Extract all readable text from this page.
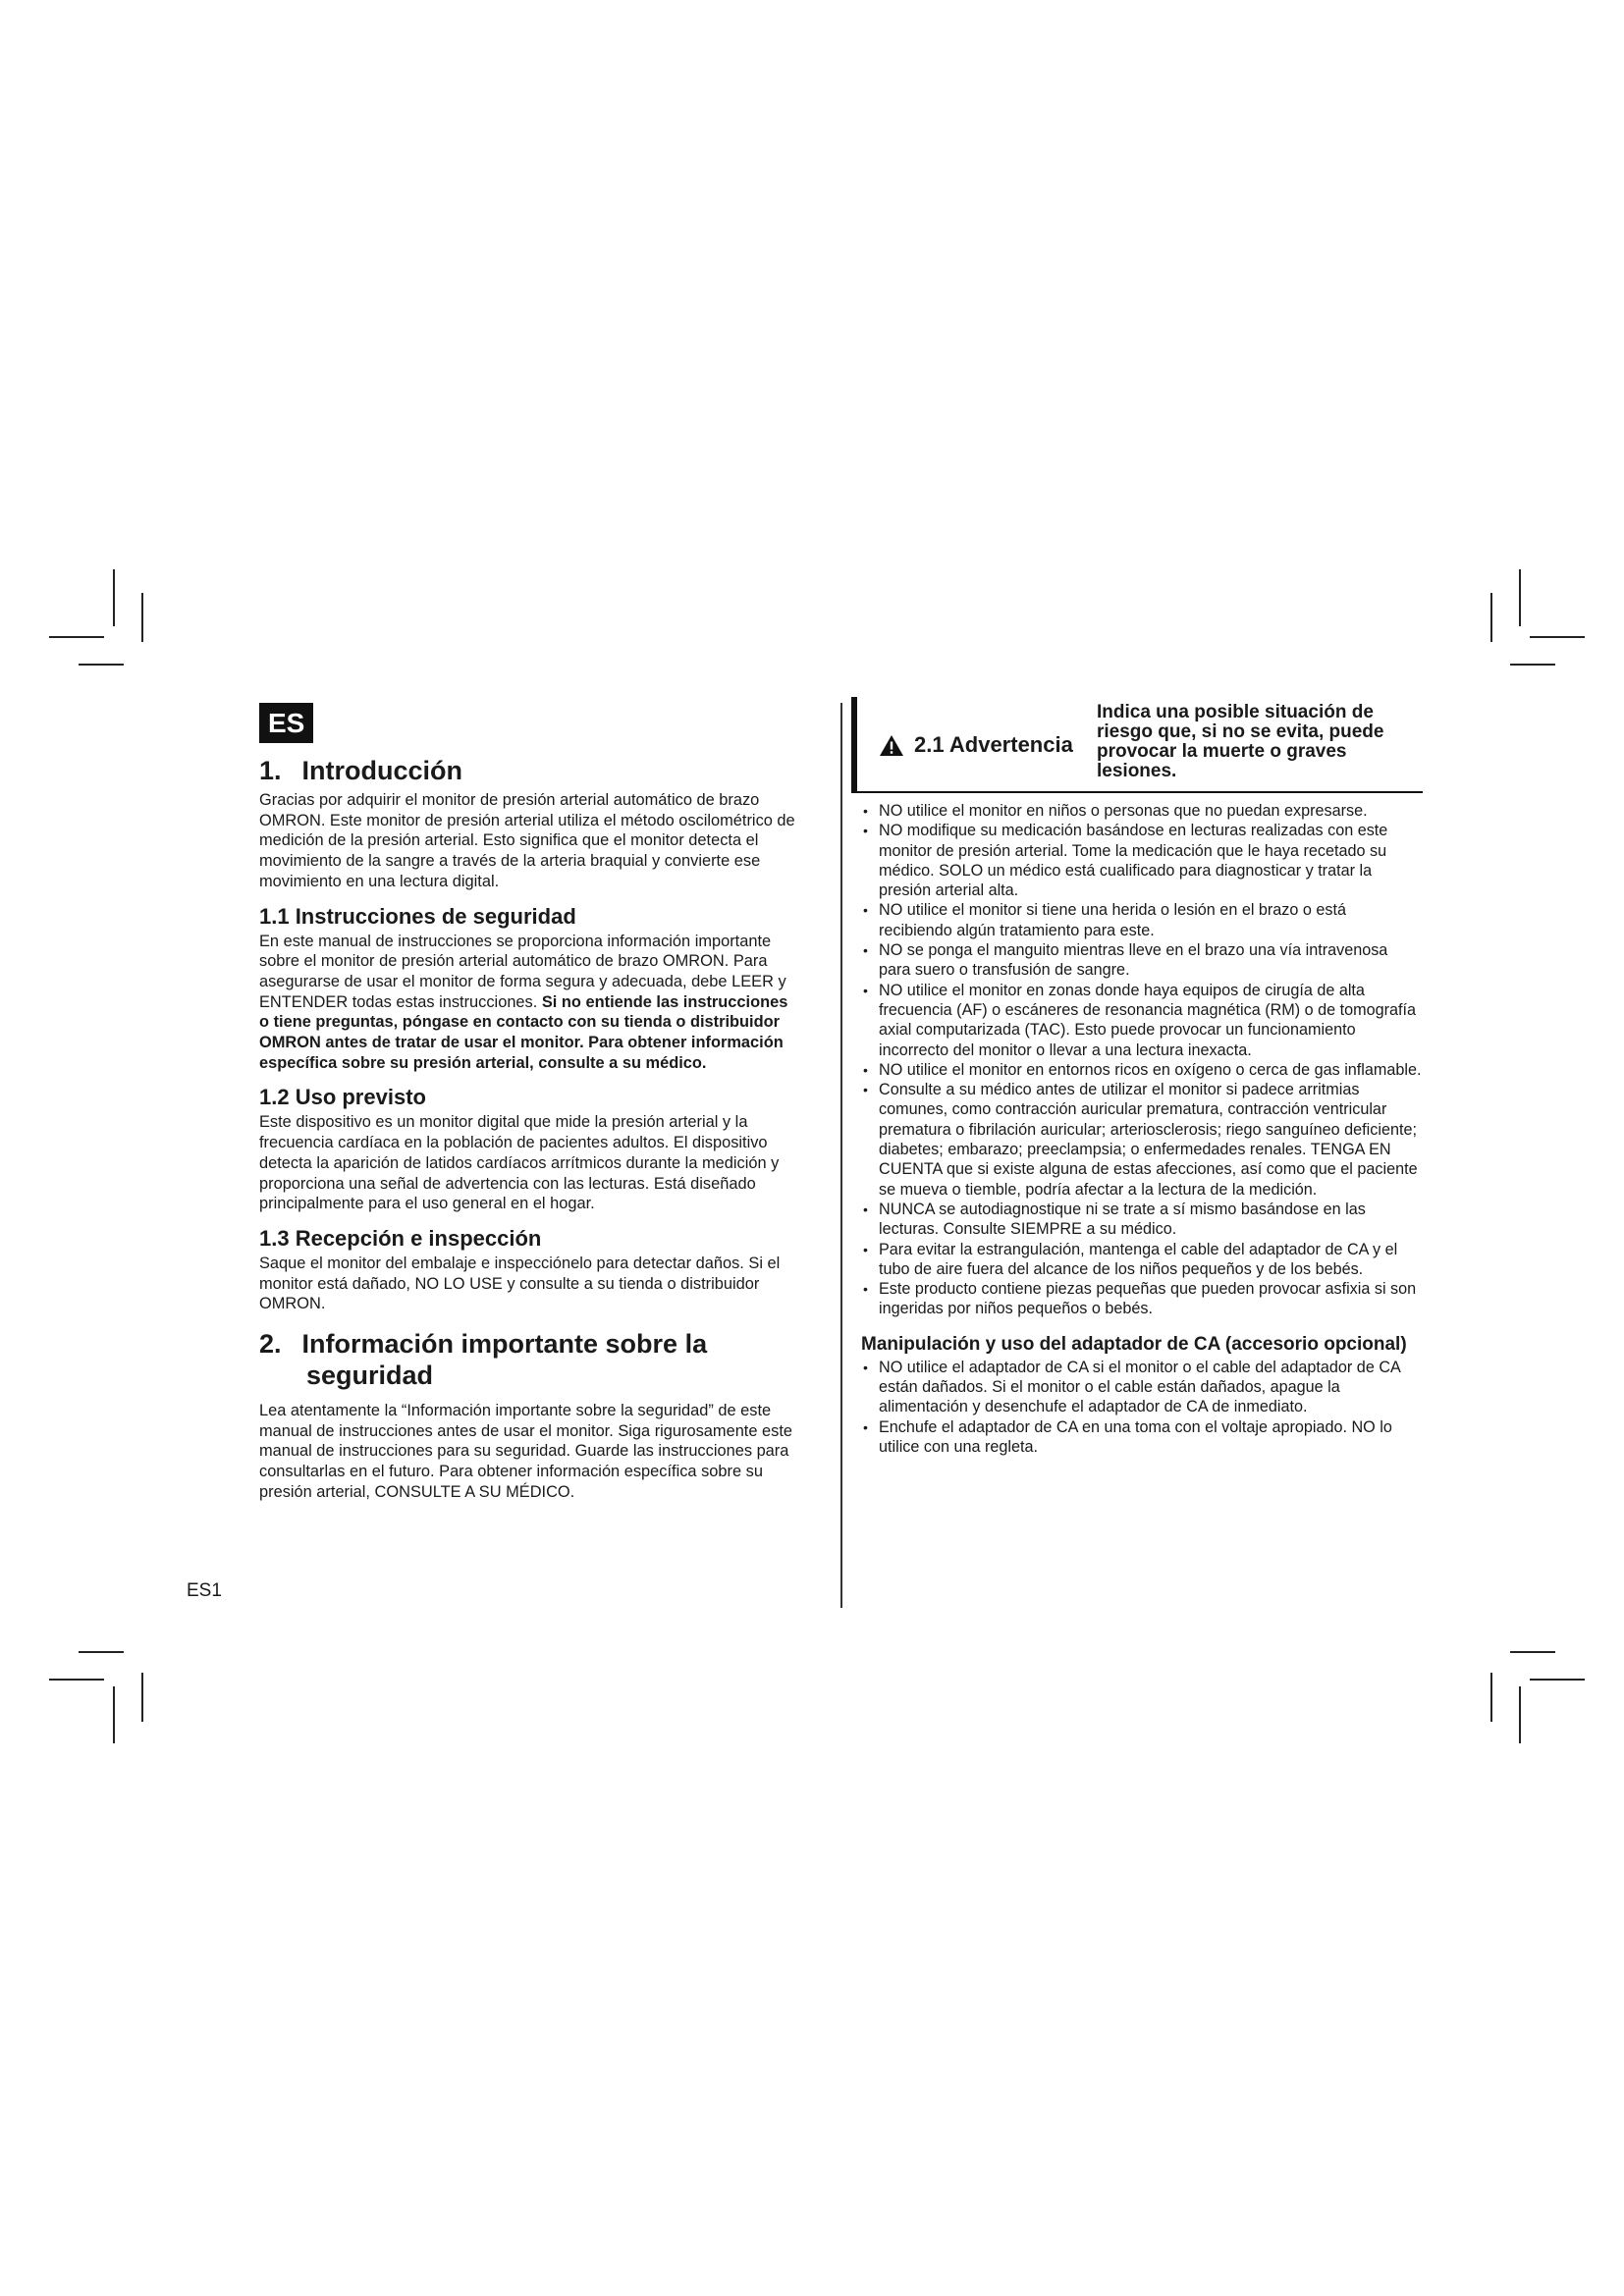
ES
1. Introducción

Gracias por adquirir el monitor de presión arterial automático de brazo OMRON. Este monitor de presión arterial utiliza el método oscilométrico de medición de la presión arterial. Esto significa que el monitor detecta el movimiento de la sangre a través de la arteria braquial y convierte ese movimiento en una lectura digital.

1.1 Instrucciones de seguridad

En este manual de instrucciones se proporciona información importante sobre el monitor de presión arterial automático de brazo OMRON. Para asegurarse de usar el monitor de forma segura y adecuada, debe LEER y ENTENDER todas estas instrucciones. Si no entiende las instrucciones o tiene preguntas, póngase en contacto con su tienda o distribuidor OMRON antes de tratar de usar el monitor. Para obtener información específica sobre su presión arterial, consulte a su médico.

1.2 Uso previsto

Este dispositivo es un monitor digital que mide la presión arterial y la frecuencia cardíaca en la población de pacientes adultos. El dispositivo detecta la aparición de latidos cardíacos arrítmicos durante la medición y proporciona una señal de advertencia con las lecturas. Está diseñado principalmente para el uso general en el hogar.

1.3 Recepción e inspección

Saque el monitor del embalaje e inspecciónelo para detectar daños. Si el monitor está dañado, NO LO USE y consulte a su tienda o distribuidor OMRON.

2. Información importante sobre la
seguridad

Lea atentamente la “Información importante sobre la seguridad” de este manual de instrucciones antes de usar el monitor. Siga rigurosamente este manual de instrucciones para su seguridad. Guarde las instrucciones para consultarlas en el futuro. Para obtener información específica sobre su presión arterial, CONSULTE A SU MÉDICO.

2.1 Advertencia
Indica una posible situación de riesgo que, si no se evita, puede provocar la muerte o graves lesiones.
• NO utilice el monitor en niños o personas que no puedan expresarse.
• NO modifique su medicación basándose en lecturas realizadas con este monitor de presión arterial. Tome la medicación que le haya recetado su médico. SOLO un médico está cualificado para diagnosticar y tratar la presión arterial alta.
• NO utilice el monitor si tiene una herida o lesión en el brazo o está recibiendo algún tratamiento para este.
• NO se ponga el manguito mientras lleve en el brazo una vía intravenosa para suero o transfusión de sangre.
• NO utilice el monitor en zonas donde haya equipos de cirugía de alta frecuencia (AF) o escáneres de resonancia magnética (RM) o de tomografía axial computarizada (TAC). Esto puede provocar un funcionamiento incorrecto del monitor o llevar a una lectura inexacta.
• NO utilice el monitor en entornos ricos en oxígeno o cerca de gas inflamable.
• Consulte a su médico antes de utilizar el monitor si padece arritmias comunes, como contracción auricular prematura, contracción ventricular prematura o fibrilación auricular; arteriosclerosis; riego sanguíneo deficiente; diabetes; embarazo; preeclampsia; o enfermedades renales. TENGA EN CUENTA que si existe alguna de estas afecciones, así como que el paciente se mueva o tiemble, podría afectar a la lectura de la medición.
• NUNCA se autodiagnostique ni se trate a sí mismo basándose en las lecturas. Consulte SIEMPRE a su médico.
• Para evitar la estrangulación, mantenga el cable del adaptador de CA y el tubo de aire fuera del alcance de los niños pequeños y de los bebés.
• Este producto contiene piezas pequeñas que pueden provocar asfixia si son ingeridas por niños pequeños o bebés.
Manipulación y uso del adaptador de CA (accesorio opcional)
• NO utilice el adaptador de CA si el monitor o el cable del adaptador de CA están dañados. Si el monitor o el cable están dañados, apague la alimentación y desenchufe el adaptador de CA de inmediato.
• Enchufe el adaptador de CA en una toma con el voltaje apropiado. NO lo utilice con una regleta.
ES1
